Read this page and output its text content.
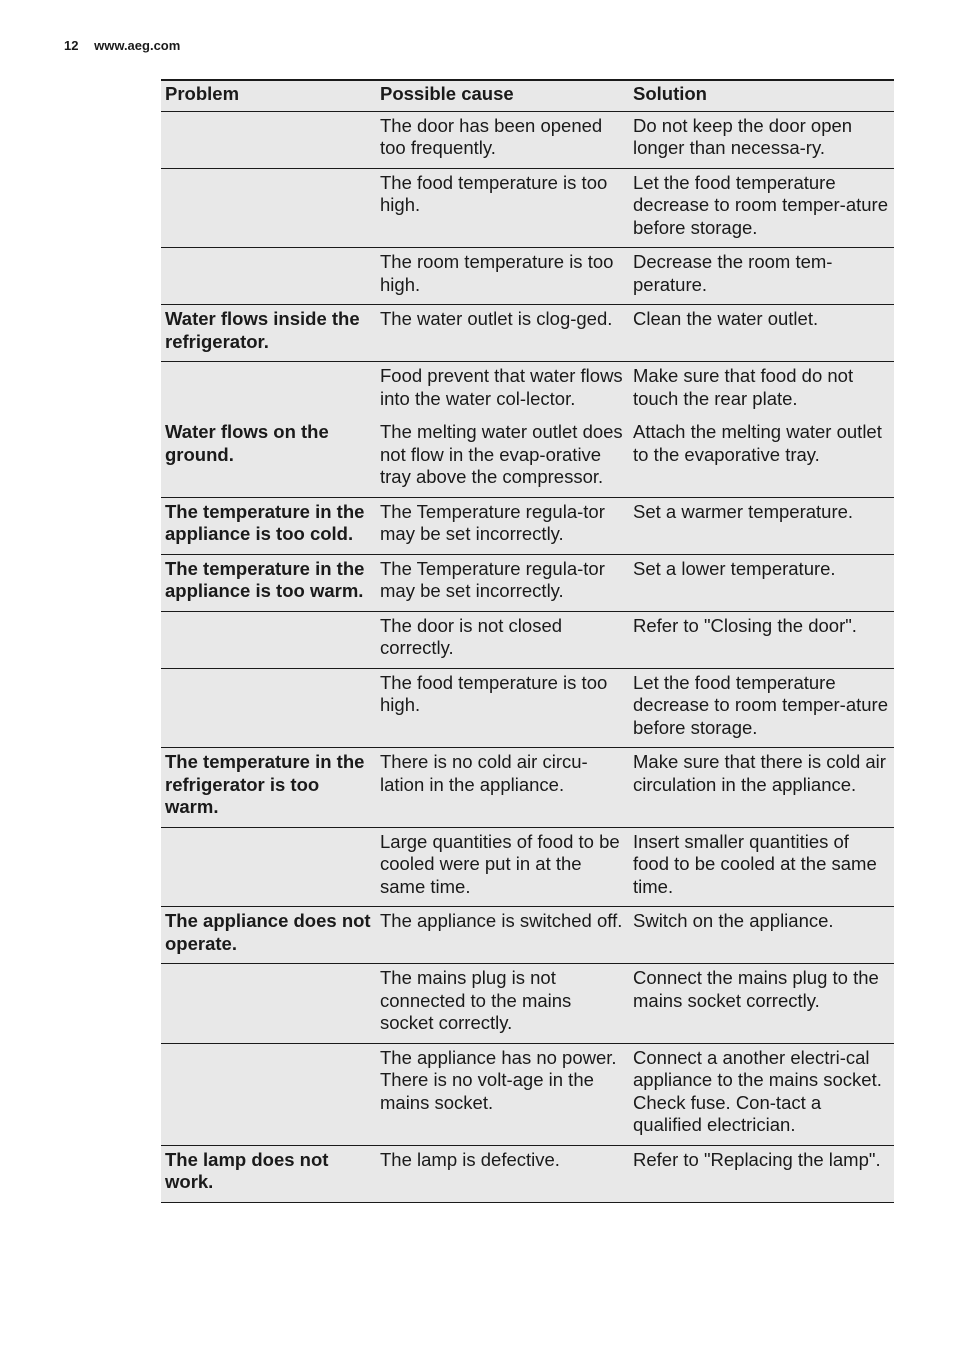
12 www.aeg.com
Problem	Possible cause	Solution
	The door has been opened too frequently.	Do not keep the door open longer than necessa-ry.
	The food temperature is too high.	Let the food temperature decrease to room temper-ature before storage.
	The room temperature is too high.	Decrease the room tem-perature.
Water flows inside the refrigerator.	The water outlet is clog-ged.	Clean the water outlet.
	Food prevent that water flows into the water col-lector.	Make sure that food do not touch the rear plate.
Water flows on the ground.	The melting water outlet does not flow in the evap-orative tray above the compressor.	Attach the melting water outlet to the evaporative tray.
The temperature in the appliance is too cold.	The Temperature regula-tor may be set incorrectly.	Set a warmer temperature.
The temperature in the appliance is too warm.	The Temperature regula-tor may be set incorrectly.	Set a lower temperature.
	The door is not closed correctly.	Refer to "Closing the door".
	The food temperature is too high.	Let the food temperature decrease to room temper-ature before storage.
The temperature in the refrigerator is too warm.	There is no cold air circu-lation in the appliance.	Make sure that there is cold air circulation in the appliance.
	Large quantities of food to be cooled were put in at the same time.	Insert smaller quantities of food to be cooled at the same time.
The appliance does not operate.	The appliance is switched off.	Switch on the appliance.
	The mains plug is not connected to the mains socket correctly.	Connect the mains plug to the mains socket correctly.
	The appliance has no power. There is no volt-age in the mains socket.	Connect a another electri-cal appliance to the mains socket. Check fuse. Con-tact a qualified electrician.
The lamp does not work.	The lamp is defective.	Refer to "Replacing the lamp".
